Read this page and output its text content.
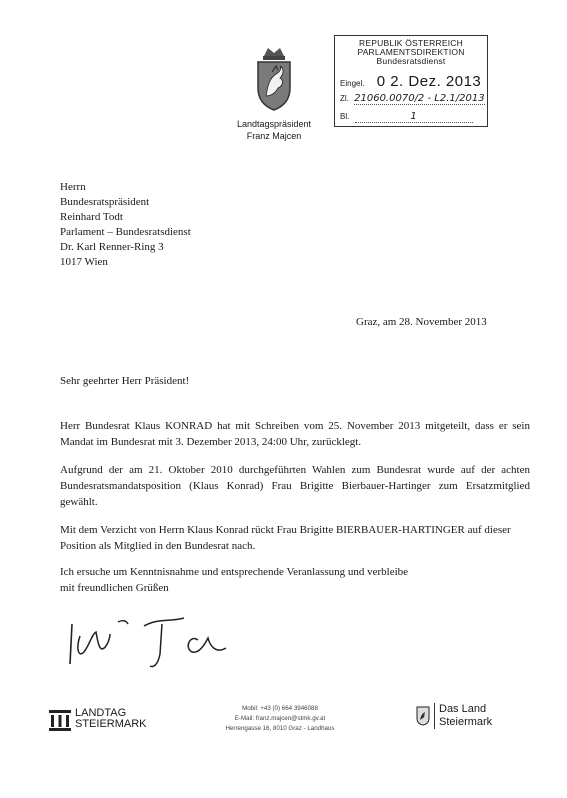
Landtagspräsident
Franz Majcen
REPUBLIK ÖSTERREICH
PARLAMENTSDIREKTION
Bundesratsdienst
Eingel. 0 2. Dez. 2013
Zl. 21060.0070/2 - L2.1/2013
Bl.	1
Herrn
Bundesratspräsident
Reinhard Todt
Parlament – Bundesratsdienst
Dr. Karl Renner-Ring 3
1017 Wien
Graz, am 28. November 2013
Sehr geehrter Herr Präsident!
Herr Bundesrat Klaus KONRAD hat mit Schreiben vom 25. November 2013 mitgeteilt, dass er sein Mandat im Bundesrat mit 3. Dezember 2013, 24:00 Uhr, zurücklegt.
Aufgrund der am 21. Oktober 2010 durchgeführten Wahlen zum Bundesrat wurde auf der achten Bundesratsmandatsposition (Klaus Konrad) Frau Brigitte Bierbauer-Hartinger zum Ersatzmitglied gewählt.
Mit dem Verzicht von Herrn Klaus Konrad rückt Frau Brigitte BIERBAUER-HARTINGER auf dieser Position als Mitglied in den Bundesrat nach.
Ich ersuche um Kenntnisnahme und entsprechende Veranlassung und verbleibe
mit freundlichen Grüßen
LANDTAG
STEIERMARK
Mobil: +43 (0) 664 3946088
E-Mail: franz.majcen@stmk.gv.at
Herrengasse 16, 8010 Graz - Landhaus
Das Land
Steiermark
